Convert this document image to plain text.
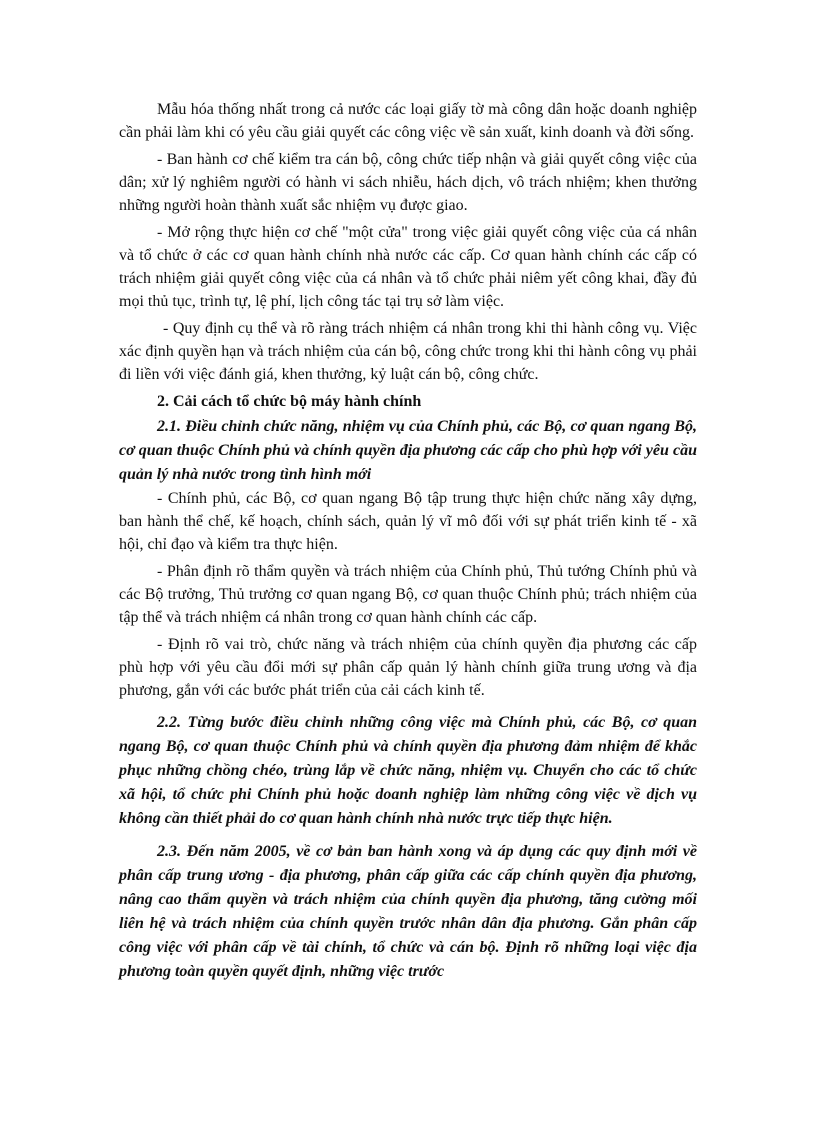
Mẫu hóa thống nhất trong cả nước các loại giấy tờ mà công dân hoặc doanh nghiệp cần phải làm khi có yêu cầu giải quyết các công việc về sản xuất, kinh doanh và đời sống.

- Ban hành cơ chế kiểm tra cán bộ, công chức tiếp nhận và giải quyết công việc của dân; xử lý nghiêm người có hành vi sách nhiễu, hách dịch, vô trách nhiệm; khen thưởng những người hoàn thành xuất sắc nhiệm vụ được giao.

- Mở rộng thực hiện cơ chế "một cửa" trong việc giải quyết công việc của cá nhân và tổ chức ở các cơ quan hành chính nhà nước các cấp. Cơ quan hành chính các cấp có trách nhiệm giải quyết công việc của cá nhân và tổ chức phải niêm yết công khai, đầy đủ mọi thủ tục, trình tự, lệ phí, lịch công tác tại trụ sở làm việc.

- Quy định cụ thể và rõ ràng trách nhiệm cá nhân trong khi thi hành công vụ. Việc xác định quyền hạn và trách nhiệm của cán bộ, công chức trong khi thi hành công vụ phải đi liền với việc đánh giá, khen thưởng, kỷ luật cán bộ, công chức.

2. Cải cách tổ chức bộ máy hành chính

2.1. Điều chỉnh chức năng, nhiệm vụ của Chính phủ, các Bộ, cơ quan ngang Bộ, cơ quan thuộc Chính phủ và chính quyền địa phương các cấp cho phù hợp với yêu cầu quản lý nhà nước trong tình hình mới

- Chính phủ, các Bộ, cơ quan ngang Bộ tập trung thực hiện chức năng xây dựng, ban hành thể chế, kế hoạch, chính sách, quản lý vĩ mô đối với sự phát triển kinh tế - xã hội, chỉ đạo và kiểm tra thực hiện.

- Phân định rõ thẩm quyền và trách nhiệm của Chính phủ, Thủ tướng Chính phủ và các Bộ trưởng, Thủ trưởng cơ quan ngang Bộ, cơ quan thuộc Chính phủ; trách nhiệm của tập thể và trách nhiệm cá nhân trong cơ quan hành chính các cấp.

- Định rõ vai trò, chức năng và trách nhiệm của chính quyền địa phương các cấp phù hợp với yêu cầu đổi mới sự phân cấp quản lý hành chính giữa trung ương và địa phương, gắn với các bước phát triển của cải cách kinh tế.

2.2. Từng bước điều chỉnh những công việc mà Chính phủ, các Bộ, cơ quan ngang Bộ, cơ quan thuộc Chính phủ và chính quyền địa phương đảm nhiệm để khắc phục những chồng chéo, trùng lắp về chức năng, nhiệm vụ. Chuyển cho các tổ chức xã hội, tổ chức phi Chính phủ hoặc doanh nghiệp làm những công việc về dịch vụ không cần thiết phải do cơ quan hành chính nhà nước trực tiếp thực hiện.

2.3. Đến năm 2005, về cơ bản ban hành xong và áp dụng các quy định mới về phân cấp trung ương - địa phương, phân cấp giữa các cấp chính quyền địa phương, nâng cao thẩm quyền và trách nhiệm của chính quyền địa phương, tăng cường mối liên hệ và trách nhiệm của chính quyền trước nhân dân địa phương. Gắn phân cấp công việc với phân cấp về tài chính, tổ chức và cán bộ. Định rõ những loại việc địa phương toàn quyền quyết định, những việc trước
